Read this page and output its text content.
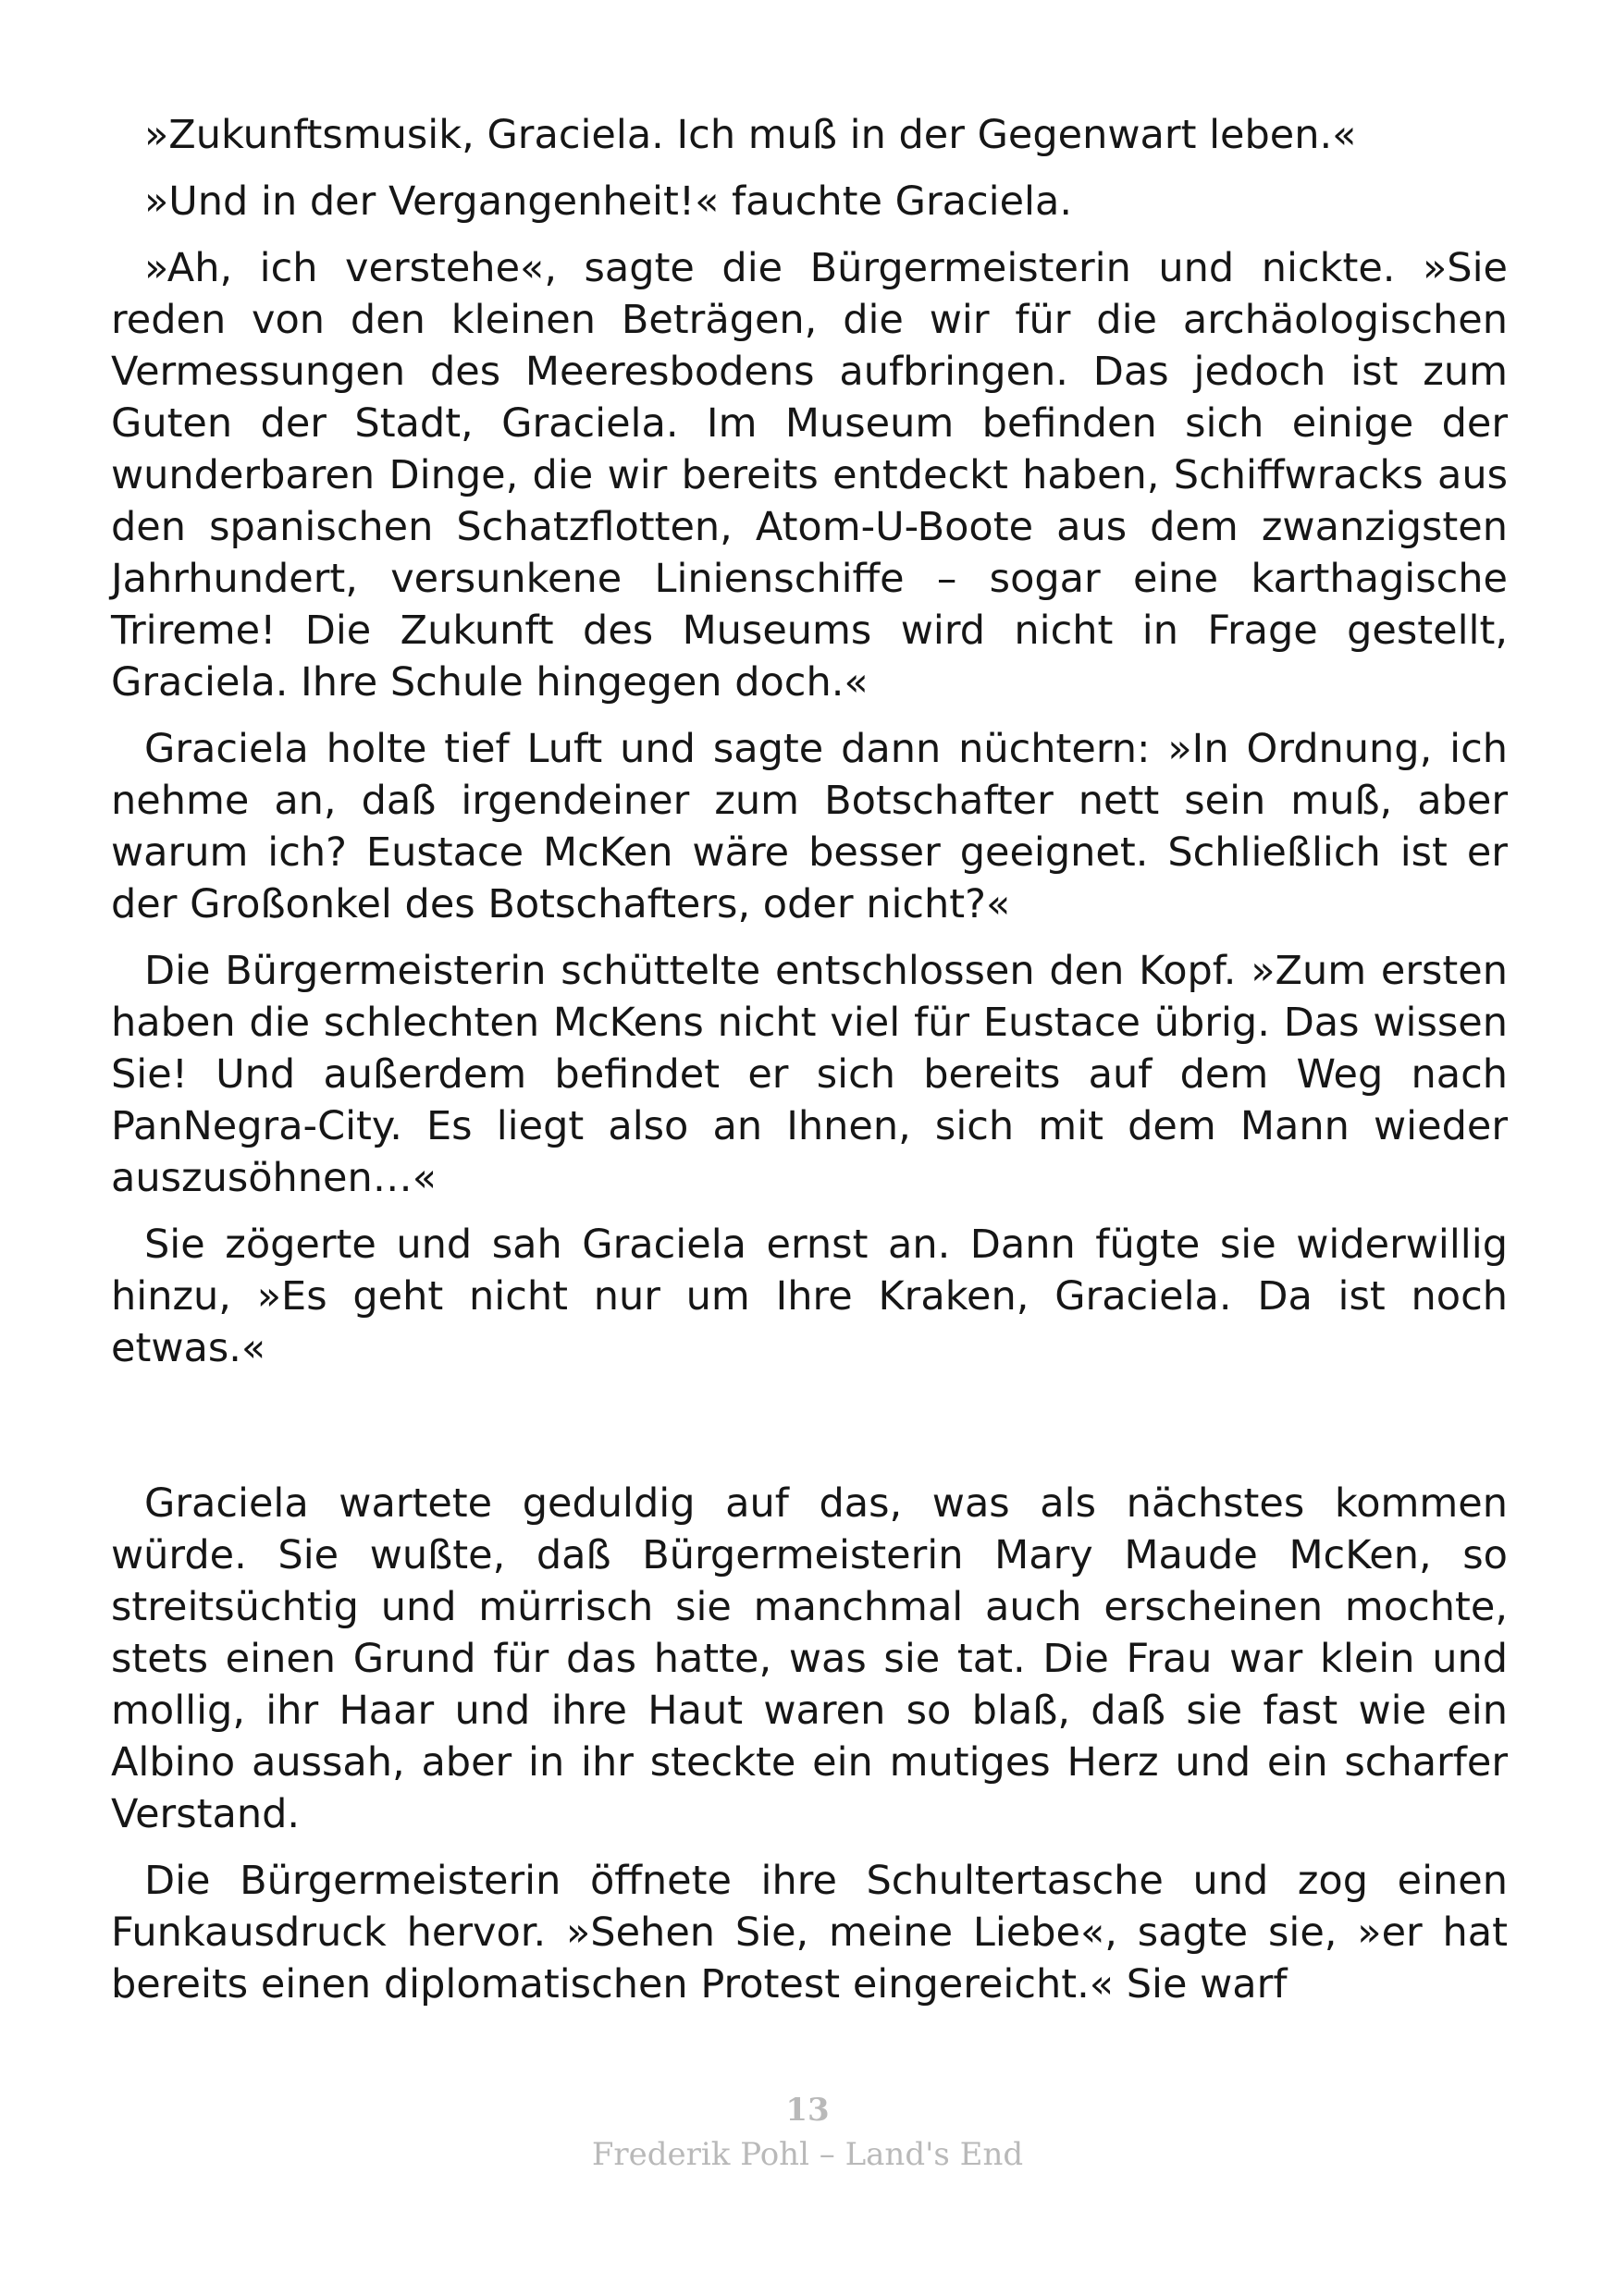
»Zukunftsmusik, Graciela. Ich muß in der Gegenwart leben.«

»Und in der Vergangenheit!« fauchte Graciela.

»Ah, ich verstehe«, sagte die Bürgermeisterin und nickte. »Sie reden von den kleinen Beträgen, die wir für die archäologischen Vermessungen des Meeresbodens aufbringen. Das jedoch ist zum Guten der Stadt, Graciela. Im Museum befinden sich einige der wunderbaren Dinge, die wir bereits entdeckt haben, Schiffwracks aus den spanischen Schatzflotten, Atom-U-Boote aus dem zwanzigsten Jahrhundert, versunkene Linienschiffe – sogar eine karthagische Trireme! Die Zukunft des Museums wird nicht in Frage gestellt, Graciela. Ihre Schule hingegen doch.«

Graciela holte tief Luft und sagte dann nüchtern: »In Ordnung, ich nehme an, daß irgendeiner zum Botschafter nett sein muß, aber warum ich? Eustace McKen wäre besser geeignet. Schließlich ist er der Großonkel des Botschafters, oder nicht?«

Die Bürgermeisterin schüttelte entschlossen den Kopf. »Zum ersten haben die schlechten McKens nicht viel für Eustace übrig. Das wissen Sie! Und außerdem befindet er sich bereits auf dem Weg nach PanNegra-City. Es liegt also an Ihnen, sich mit dem Mann wieder auszusöhnen…«

Sie zögerte und sah Graciela ernst an. Dann fügte sie widerwillig hinzu, »Es geht nicht nur um Ihre Kraken, Graciela. Da ist noch etwas.«

Graciela wartete geduldig auf das, was als nächstes kommen würde. Sie wußte, daß Bürgermeisterin Mary Maude McKen, so streitsüchtig und mürrisch sie manchmal auch erscheinen mochte, stets einen Grund für das hatte, was sie tat. Die Frau war klein und mollig, ihr Haar und ihre Haut waren so blaß, daß sie fast wie ein Albino aussah, aber in ihr steckte ein mutiges Herz und ein scharfer Verstand.

Die Bürgermeisterin öffnete ihre Schultertasche und zog einen Funkausdruck hervor. »Sehen Sie, meine Liebe«, sagte sie, »er hat bereits einen diplomatischen Protest eingereicht.« Sie warf

13
Frederik Pohl – Land's End
